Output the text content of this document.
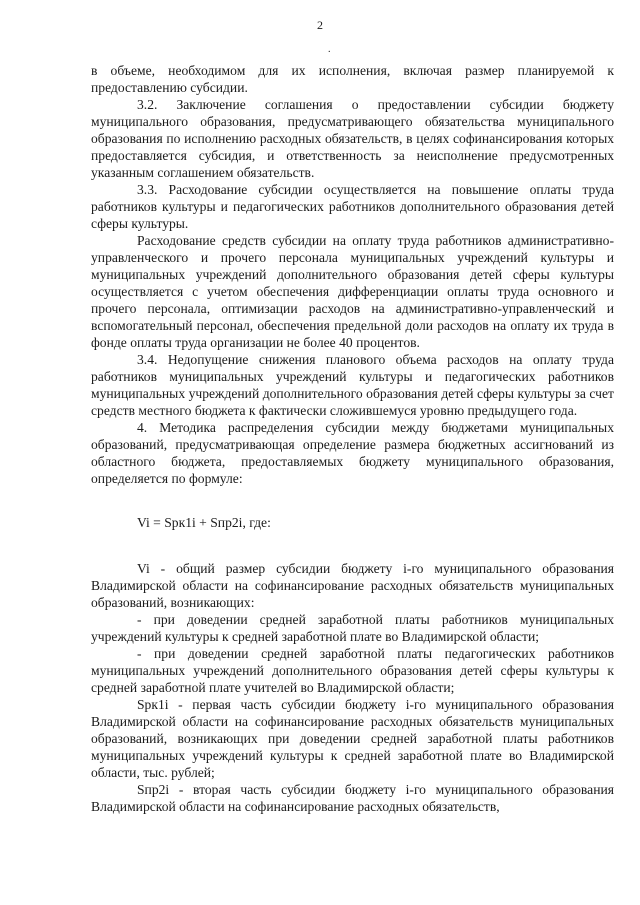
2
.

в объеме, необходимом для их исполнения, включая размер планируемой к предоставлению субсидии.

3.2. Заключение соглашения о предоставлении субсидии бюджету муниципального образования, предусматривающего обязательства муниципального образования по исполнению расходных обязательств, в целях софинансирования которых предоставляется субсидия, и ответственность за неисполнение предусмотренных указанным соглашением обязательств.

3.3. Расходование субсидии осуществляется на повышение оплаты труда работников культуры и педагогических работников дополнительного образования детей сферы культуры.

Расходование средств субсидии на оплату труда работников административно-управленческого и прочего персонала муниципальных учреждений культуры и муниципальных учреждений дополнительного образования детей сферы культуры осуществляется с учетом обеспечения дифференциации оплаты труда основного и прочего персонала, оптимизации расходов на административно-управленческий и вспомогательный персонал, обеспечения предельной доли расходов на оплату их труда в фонде оплаты труда организации не более 40 процентов.

3.4. Недопущение снижения планового объема расходов на оплату труда работников муниципальных учреждений культуры и педагогических работников муниципальных учреждений дополнительного образования детей сферы культуры за счет средств местного бюджета к фактически сложившемуся уровню предыдущего года.

4. Методика распределения субсидии между бюджетами муниципальных образований, предусматривающая определение размера бюджетных ассигнований из областного бюджета, предоставляемых бюджету муниципального образования, определяется по формуле:

Vi = Spк1i + Sпp2i, где:

Vi - общий размер субсидии бюджету i-го муниципального образования Владимирской области на софинансирование расходных обязательств муниципальных образований, возникающих:

- при доведении средней заработной платы работников муниципальных учреждений культуры к средней заработной плате во Владимирской области;

- при доведении средней заработной платы педагогических работников муниципальных учреждений дополнительного образования детей сферы культуры к средней заработной плате учителей во Владимирской области;

Spк1i - первая часть субсидии бюджету i-го муниципального образования Владимирской области на софинансирование расходных обязательств муниципальных образований, возникающих при доведении средней заработной платы работников муниципальных учреждений культуры к средней заработной плате во Владимирской области, тыс. рублей;

Sпp2i - вторая часть субсидии бюджету i-го муниципального образования Владимирской области на софинансирование расходных обязательств,
